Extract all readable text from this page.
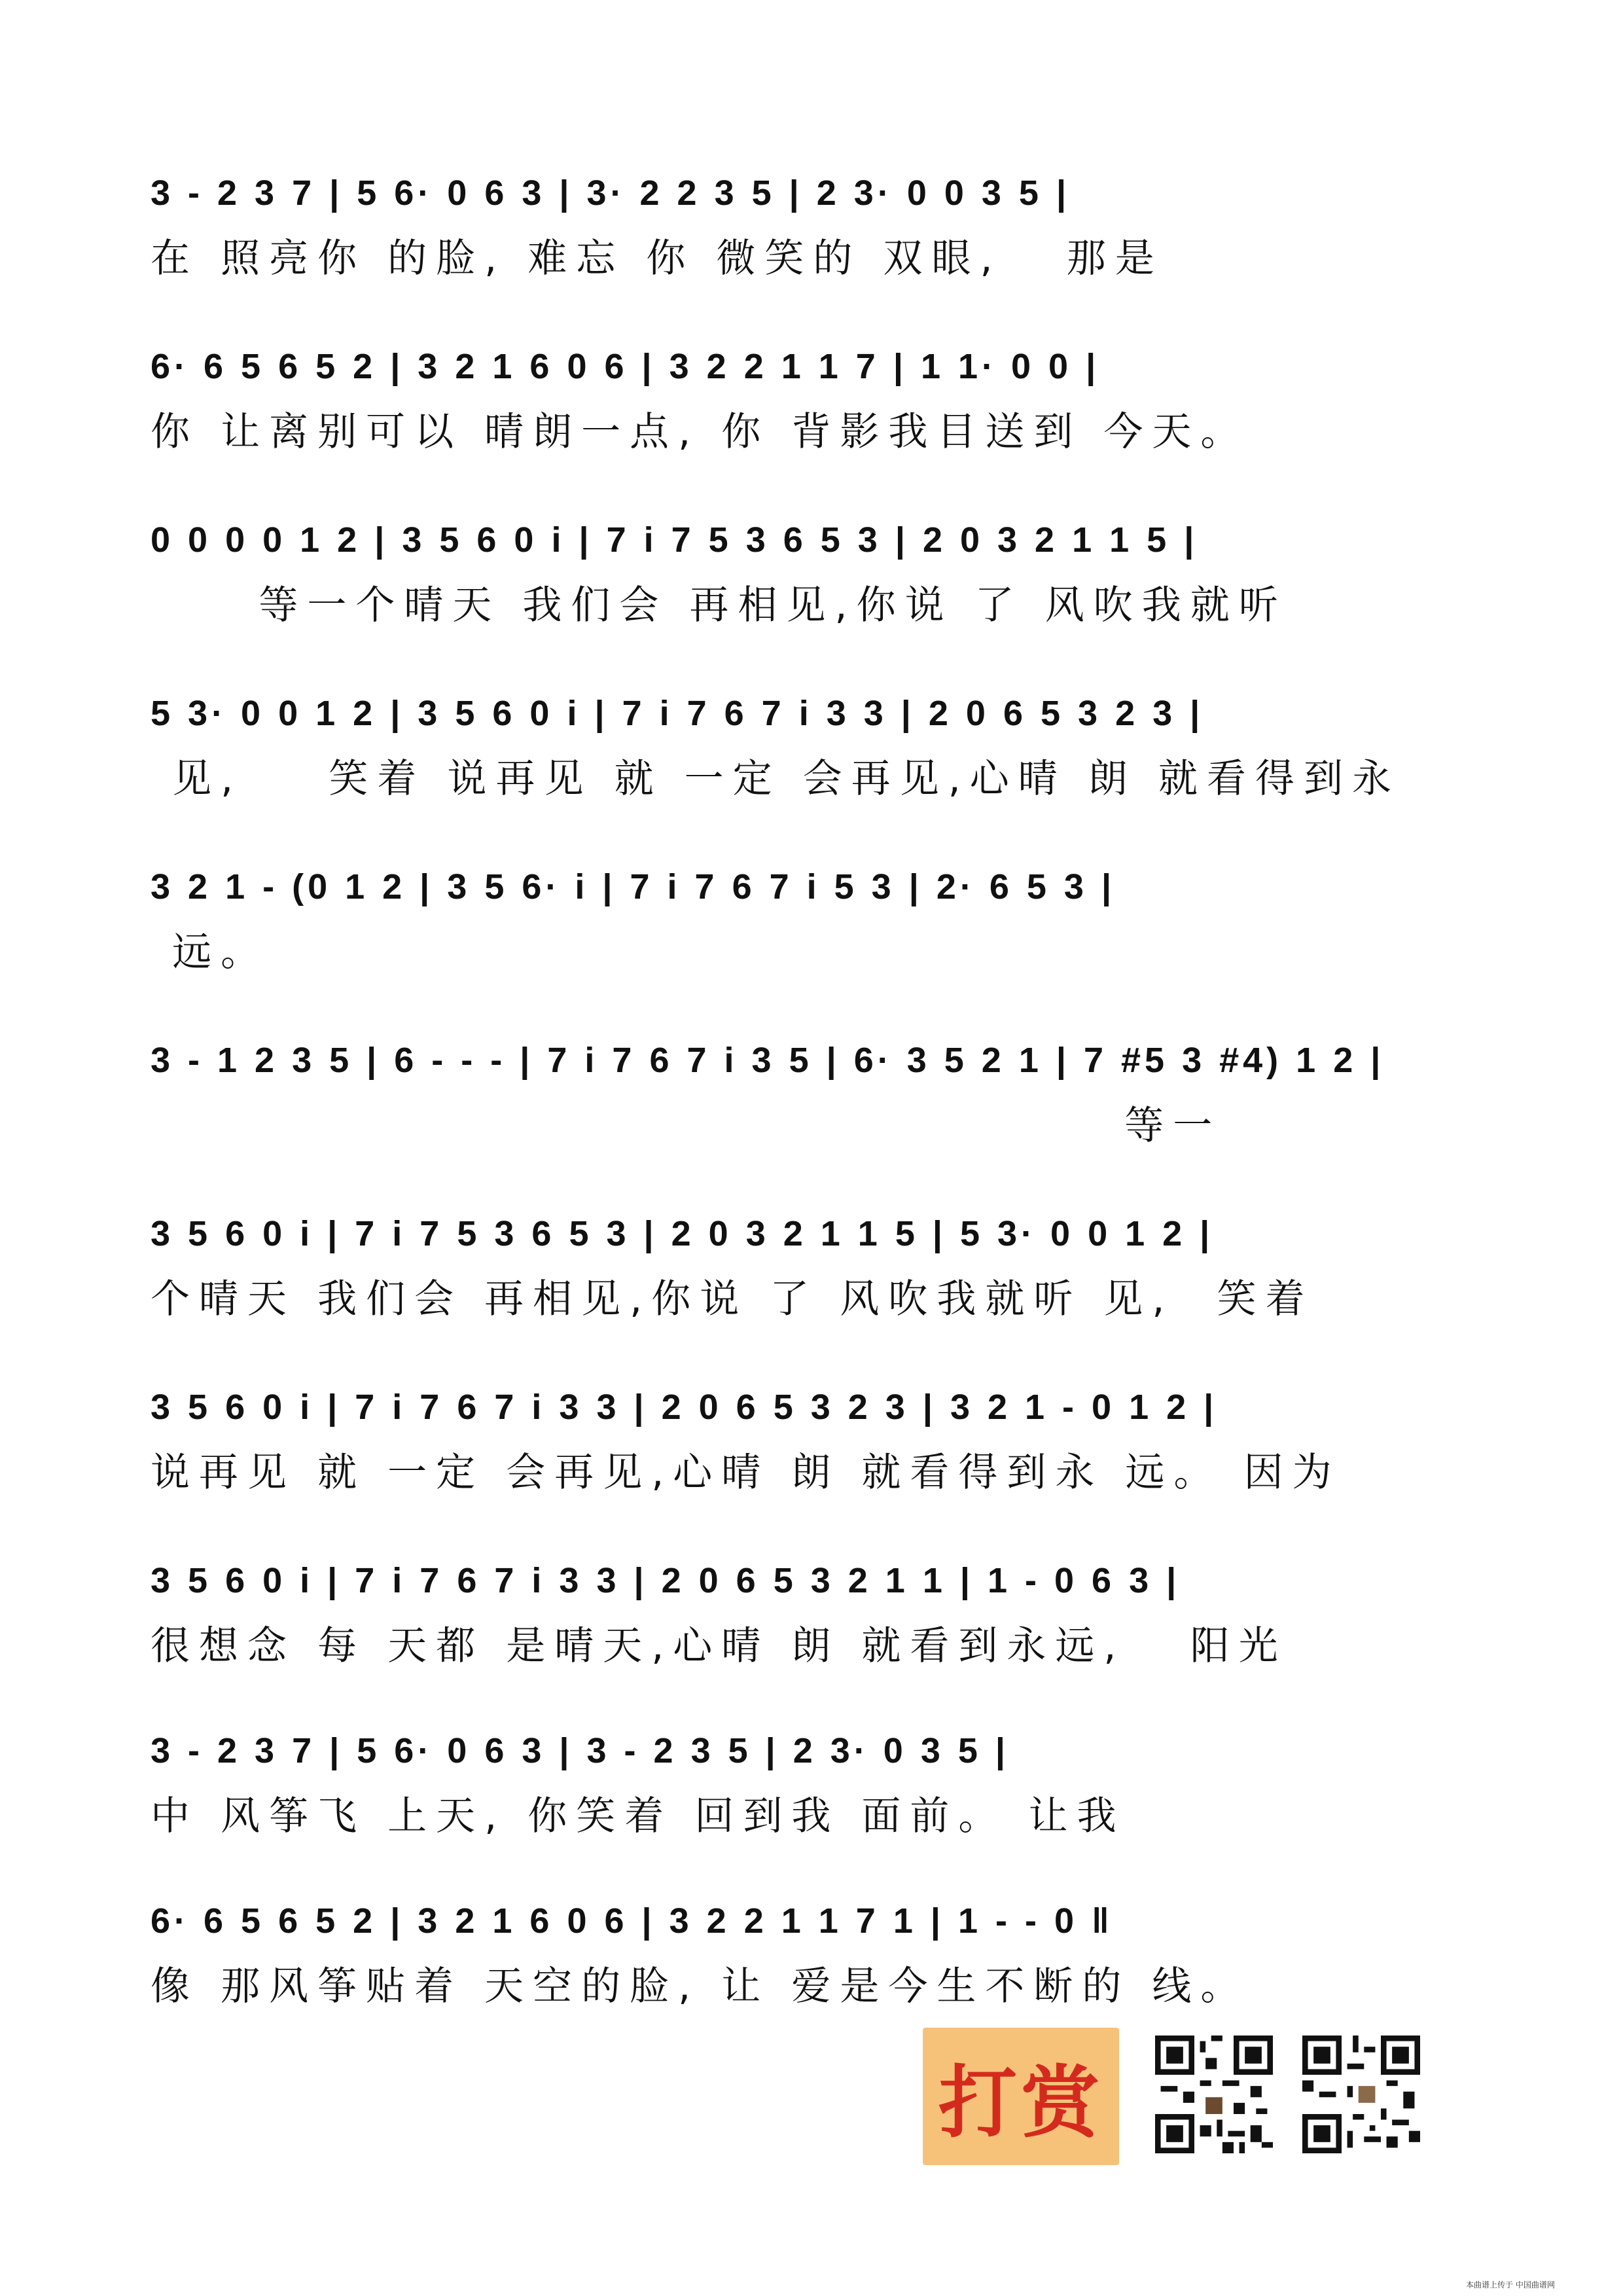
3 - 2 3 7 | 5 6· 0 6 3 | 3· 2 2 3 5 | 2 3· 0 0 3 5 |
在 照亮你 的脸, 难忘 你 微笑的 双眼,   那是
6· 6 5 6 5 2 | 3 2 1 6 0 6 | 3 2 2 1 1 7 | 1 1· 0 0 |
你 让离别可以 晴朗一点, 你 背影我目送到 今天。
0 0 0 0 1 2 | 3 5 6 0 i | 7 i 7 5 3 6 5 3 | 2 0 3 2 1 1 5 |
等一个晴天 我们会 再相见,你说 了 风吹我就听
5 3· 0 0 1 2 | 3 5 6 0 i | 7 i 7 6 7 i 3 3 | 2 0 6 5 3 2 3 |
见,    笑着 说再见 就 一定 会再见,心晴 朗 就看得到永
3 2 1 - (0 1 2 | 3 5 6· i | 7 i 7 6 7 i 5 3 | 2· 6 5 3 |
远。
3 - 1 2 3 5 | 6 - - - | 7 i 7 6 7 i 3 5 | 6· 3 5 2 1 | 7 #5 3 #4) 1 2 |
等一
3 5 6 0 i | 7 i 7 5 3 6 5 3 | 2 0 3 2 1 1 5 | 5 3· 0 0 1 2 |
个晴天 我们会 再相见,你说 了 风吹我就听 见,  笑着
3 5 6 0 i | 7 i 7 6 7 i 3 3 | 2 0 6 5 3 2 3 | 3 2 1 - 0 1 2 |
说再见 就 一定 会再见,心晴 朗 就看得到永 远。 因为
3 5 6 0 i | 7 i 7 6 7 i 3 3 | 2 0 6 5 3 2 1 1 | 1 - 0 6 3 |
很想念 每 天都 是晴天,心晴 朗 就看到永远,   阳光
3 - 2 3 7 | 5 6· 0 6 3 | 3 - 2 3 5 | 2 3· 0 3 5 |
中 风筝飞 上天, 你笑着 回到我 面前。 让我
6· 6 5 6 5 2 | 3 2 1 6 0 6 | 3 2 2 1 1 7 1 | 1 - - 0 ‖
像 那风筝贴着 天空的脸, 让 爱是今生不断的 线。
打赏
本曲谱上传于 中国曲谱网
